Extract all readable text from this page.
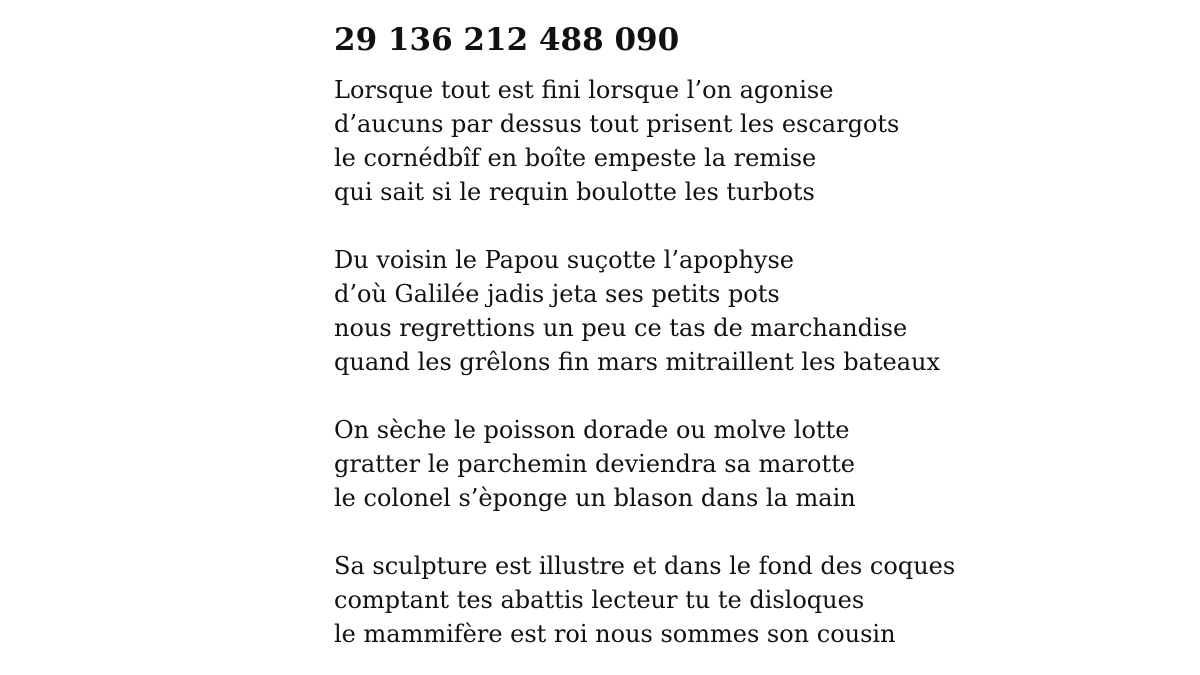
29 136 212 488 090
Lorsque tout est fini lorsque l’on agonise
d’aucuns par dessus tout prisent les escargots
le cornédbîf en boîte empeste la remise
qui sait si le requin boulotte les turbots
Du voisin le Papou suçotte l’apophyse
d’où Galilée jadis jeta ses petits pots
nous regrettions un peu ce tas de marchandise
quand les grêlons fin mars mitraillent les bateaux
On sèche le poisson dorade ou molve lotte
gratter le parchemin deviendra sa marotte
le colonel s’èponge un blason dans la main
Sa sculpture est illustre et dans le fond des coques
comptant tes abattis lecteur tu te disloques
le mammifère est roi nous sommes son cousin
